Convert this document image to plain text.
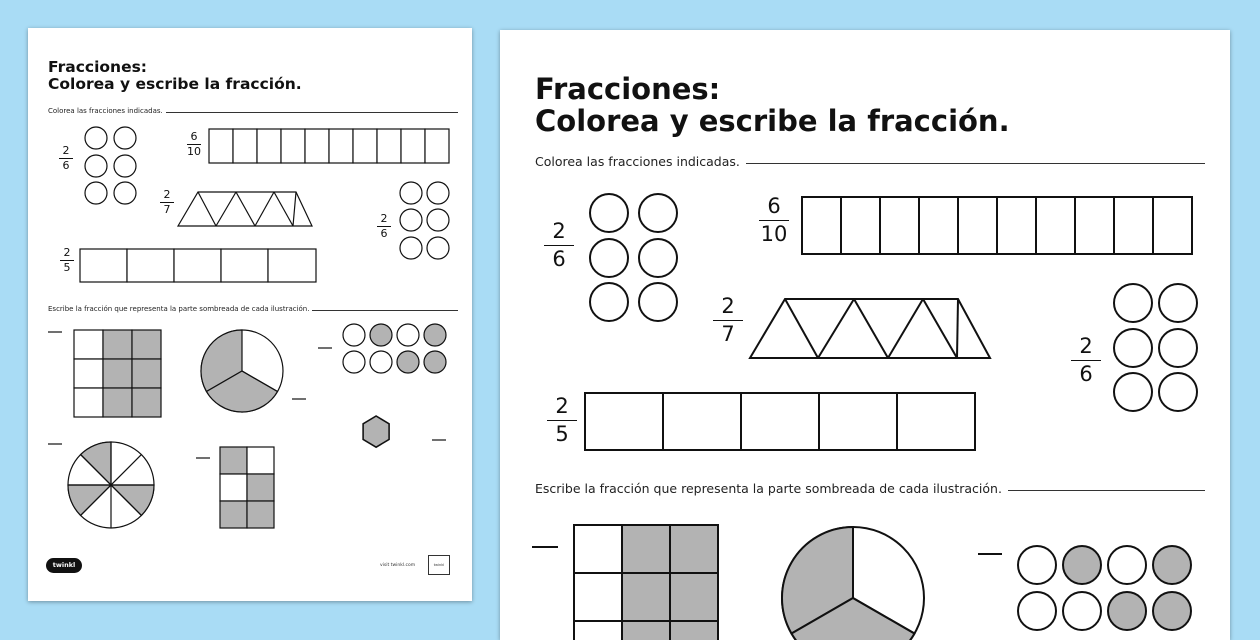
Fracciones:
Colorea y escribe la fracción.
Colorea las fracciones indicadas.
$\frac{2}{6}$	$\frac{6}{10}$
$\frac{2}{7}$
$\frac{2}{6}$
$\frac{2}{5}$
Escribe la fracción que representa la parte sombreada de cada ilustración.
twinkl	visit twinkl.com	twinkl
Fracciones:
Colorea y escribe la fracción.
Colorea las fracciones indicadas.
$\frac{2}{6}$	$\frac{6}{10}$
$\frac{2}{7}$
$\frac{2}{6}$
$\frac{2}{5}$
Escribe la fracción que representa la parte sombreada de cada ilustración.
